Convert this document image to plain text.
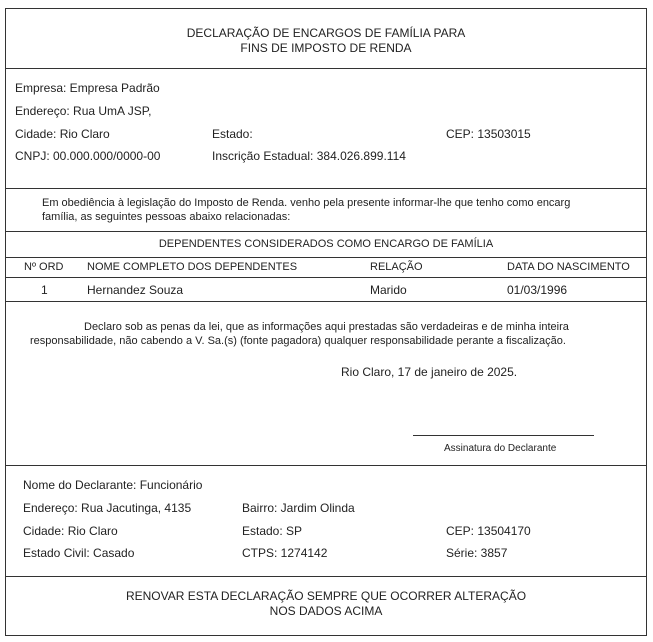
DECLARAÇÃO DE ENCARGOS DE FAMÍLIA PARA
FINS DE IMPOSTO DE RENDA
Empresa: Empresa Padrão
Endereço: Rua UmA JSP,
Cidade: Rio Claro	Estado:	CEP: 13503015
CNPJ: 00.000.000/0000-00	Inscrição Estadual: 384.026.899.114
Em obediência à legislação do Imposto de Renda. venho pela presente informar-lhe que tenho como encarg
família, as seguintes pessoas abaixo relacionadas:
DEPENDENTES CONSIDERADOS COMO ENCARGO DE FAMÍLIA
Nº ORD NOME COMPLETO DOS DEPENDENTES	RELAÇÃO	DATA DO NASCIMENTO
1	Hernandez Souza	Marido	01/03/1996
Declaro sob as penas da lei, que as informações aqui prestadas são verdadeiras e de minha inteira
responsabilidade, não cabendo a V. Sa.(s) (fonte pagadora) qualquer responsabilidade perante a fiscalização.
Rio Claro, 17 de janeiro de 2025.
Assinatura do Declarante
Nome do Declarante: Funcionário
Endereço: Rua Jacutinga, 4135	Bairro: Jardim Olinda
Cidade: Rio Claro	Estado: SP	CEP: 13504170
Estado Civil: Casado	CTPS: 1274142	Série: 3857
RENOVAR ESTA DECLARAÇÃO SEMPRE QUE OCORRER ALTERAÇÃO
NOS DADOS ACIMA
